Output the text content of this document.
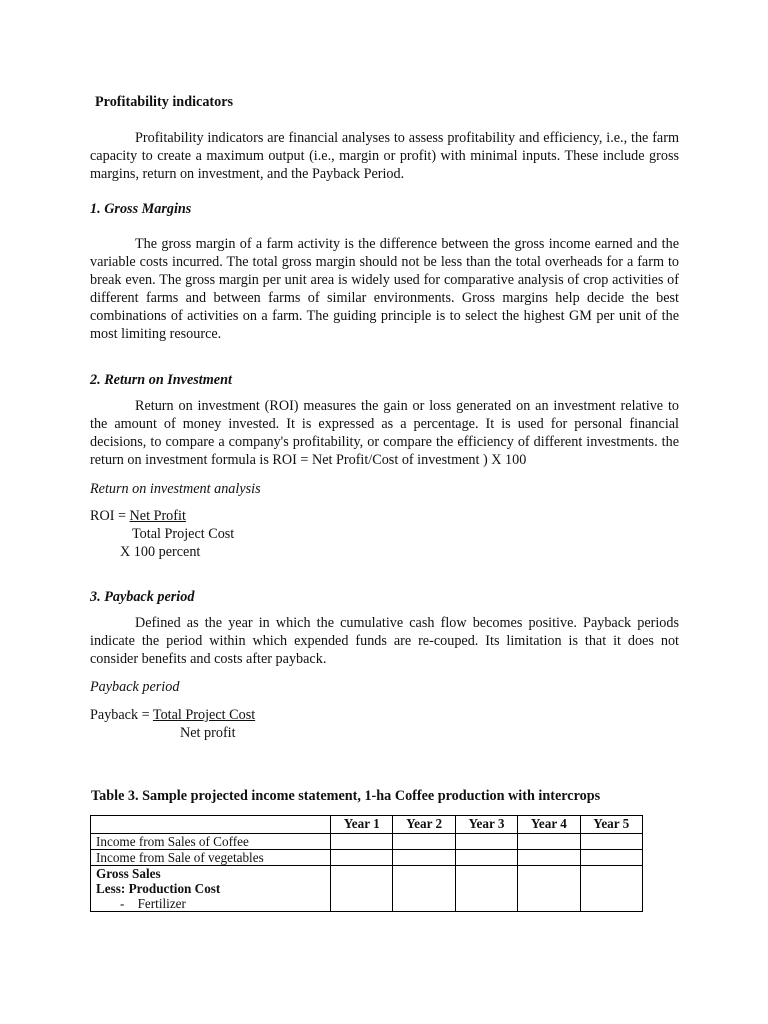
Profitability indicators
Profitability indicators are financial analyses to assess profitability and efficiency, i.e., the farm capacity to create a maximum output (i.e., margin or profit) with minimal inputs. These include gross margins, return on investment, and the Payback Period.
1. Gross Margins
The gross margin of a farm activity is the difference between the gross income earned and the variable costs incurred. The total gross margin should not be less than the total overheads for a farm to break even. The gross margin per unit area is widely used for comparative analysis of crop activities of different farms and between farms of similar environments. Gross margins help decide the best combinations of activities on a farm. The guiding principle is to select the highest GM per unit of the most limiting resource.
2. Return on Investment
Return on investment (ROI) measures the gain or loss generated on an investment relative to the amount of money invested. It is expressed as a percentage. It is used for personal financial decisions, to compare a company's profitability, or compare the efficiency of different investments. the return on investment formula is ROI = Net Profit/Cost of investment ) X 100
Return on investment analysis
ROI = Net Profit
Total Project Cost
X 100 percent
3. Payback period
Defined as the year in which the cumulative cash flow becomes positive. Payback periods indicate the period within which expended funds are re-couped. Its limitation is that it does not consider benefits and costs after payback.
Payback period
Payback = Total Project Cost
Net profit
Table 3. Sample projected income statement, 1-ha Coffee production with intercrops
	Year 1	Year 2	Year 3	Year 4	Year 5
Income from Sales of Coffee					
Income from Sale of vegetables					

Gross Sales
Less: Production Cost
- Fertilizer					
